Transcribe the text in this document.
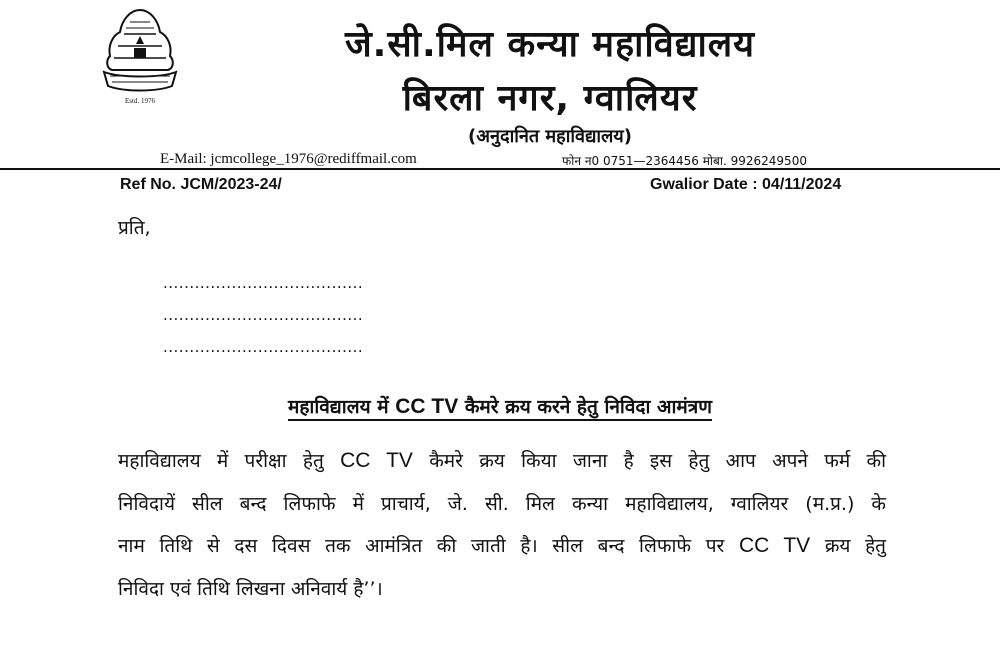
Estd. 1976
जे.सी.मिल कन्या महाविद्यालय
बिरला नगर, ग्वालियर
(अनुदानित महाविद्यालय)
E-Mail: jcmcollege_1976@rediffmail.com	फोन न0 0751—2364456 मोबा. 9926249500
Ref No. JCM/2023-24/	Gwalior Date : 04/11/2024
प्रति,
......................................
......................................
......................................
महाविद्यालय में CC TV कैमरे क्रय करने हेतु निविदा आमंत्रण
महाविद्यालय में परीक्षा हेतु CC TV कैमरे क्रय किया जाना है इस हेतु आप अपने फर्म की
निविदायें सील बन्द लिफाफे में प्राचार्य, जे. सी. मिल कन्या महाविद्यालय, ग्वालियर (म.प्र.) के
नाम तिथि से दस दिवस तक आमंत्रित की जाती है। सील बन्द लिफाफे पर CC TV क्रय हेतु
निविदा एवं तिथि लिखना अनिवार्य है’’।
